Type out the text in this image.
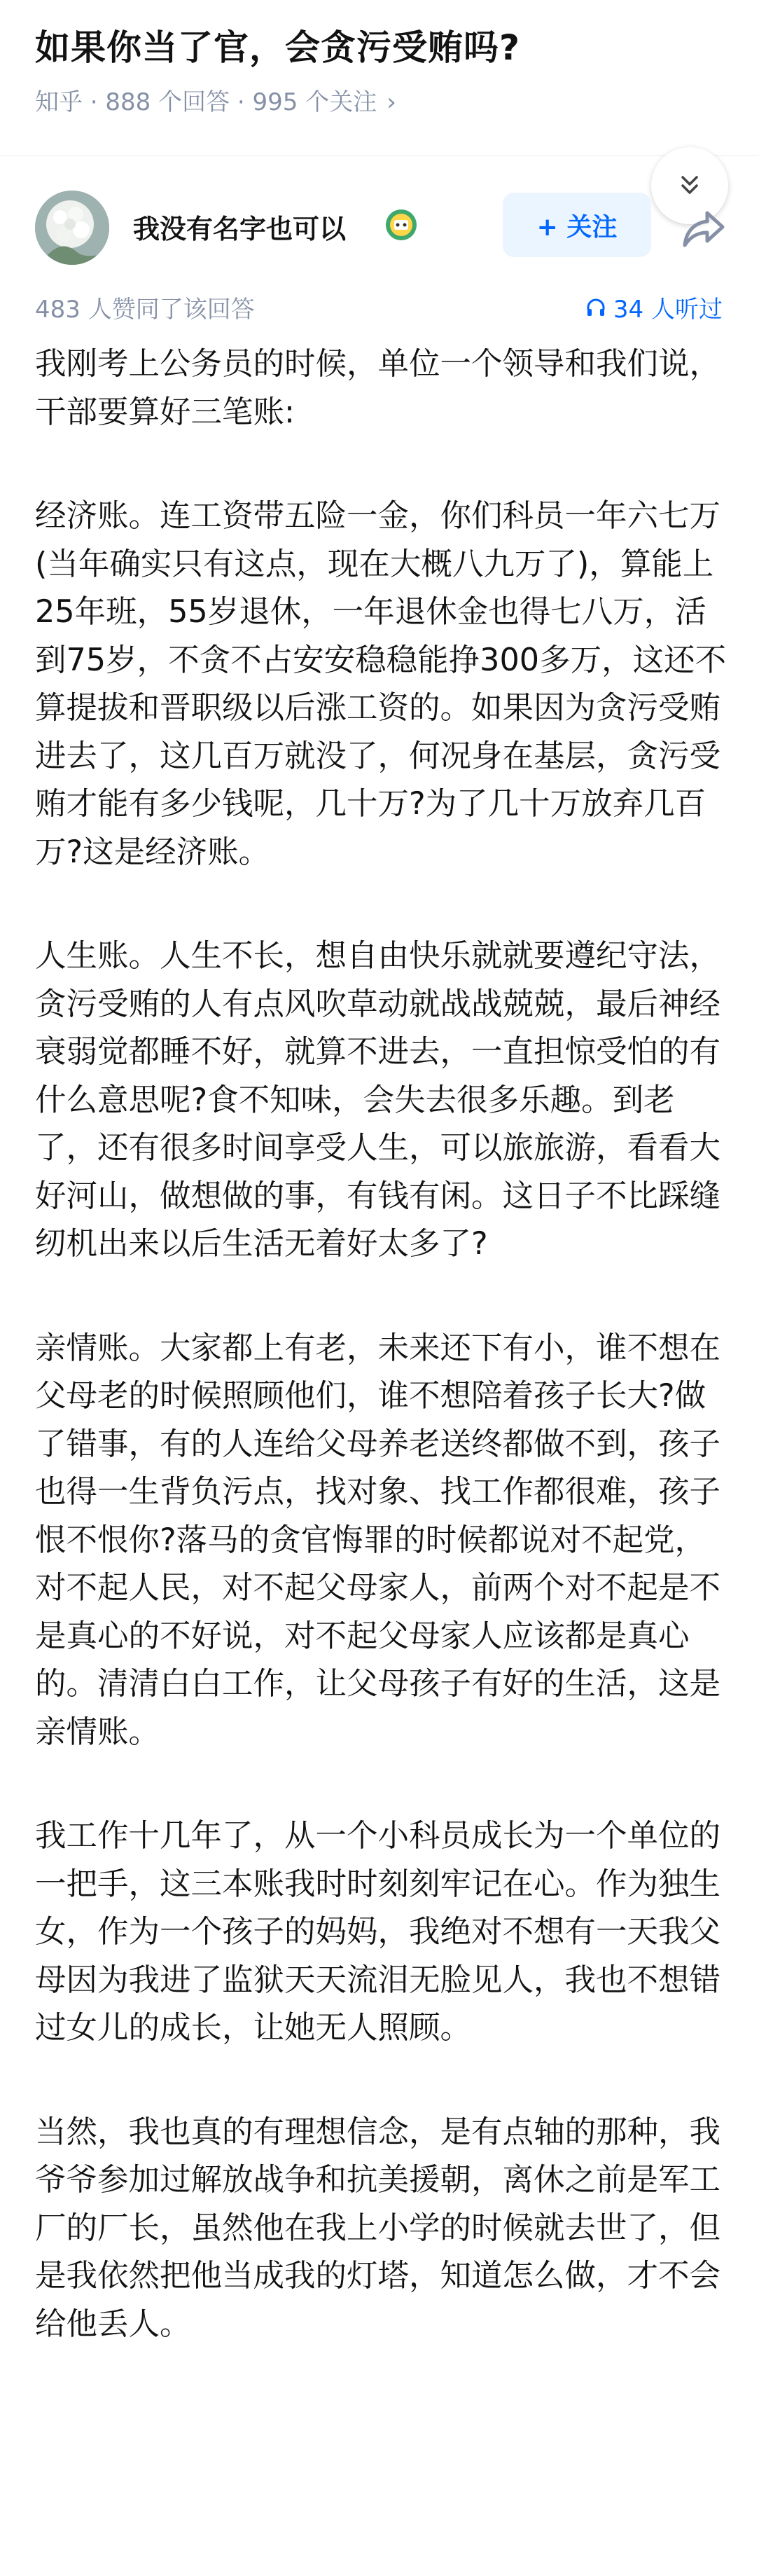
如果你当了官，会贪污受贿吗?
知乎 · 888 个回答 · 995 个关注 ›
我没有名字也可以	+ 关注
483 人赞同了该回答	34 人听过

我刚考上公务员的时候，单位一个领导和我们说，干部要算好三笔账:

经济账。连工资带五险一金，你们科员一年六七万(当年确实只有这点，现在大概八九万了)，算能上25年班，55岁退休，一年退休金也得七八万，活到75岁，不贪不占安安稳稳能挣300多万，这还不算提拔和晋职级以后涨工资的。如果因为贪污受贿进去了，这几百万就没了，何况身在基层，贪污受贿才能有多少钱呢，几十万?为了几十万放弃几百万?这是经济账。

人生账。人生不长，想自由快乐就就要遵纪守法，贪污受贿的人有点风吹草动就战战兢兢，最后神经衰弱觉都睡不好，就算不进去，一直担惊受怕的有什么意思呢?食不知味，会失去很多乐趣。到老了，还有很多时间享受人生，可以旅旅游，看看大好河山，做想做的事，有钱有闲。这日子不比踩缝纫机出来以后生活无着好太多了?

亲情账。大家都上有老，未来还下有小，谁不想在父母老的时候照顾他们，谁不想陪着孩子长大?做了错事，有的人连给父母养老送终都做不到，孩子也得一生背负污点，找对象、找工作都很难，孩子恨不恨你?落马的贪官悔罪的时候都说对不起党，对不起人民，对不起父母家人，前两个对不起是不是真心的不好说，对不起父母家人应该都是真心的。清清白白工作，让父母孩子有好的生活，这是亲情账。

我工作十几年了，从一个小科员成长为一个单位的一把手，这三本账我时时刻刻牢记在心。作为独生女，作为一个孩子的妈妈，我绝对不想有一天我父母因为我进了监狱天天流泪无脸见人，我也不想错过女儿的成长，让她无人照顾。

当然，我也真的有理想信念，是有点轴的那种，我爷爷参加过解放战争和抗美援朝，离休之前是军工厂的厂长，虽然他在我上小学的时候就去世了，但是我依然把他当成我的灯塔，知道怎么做，才不会给他丢人。
